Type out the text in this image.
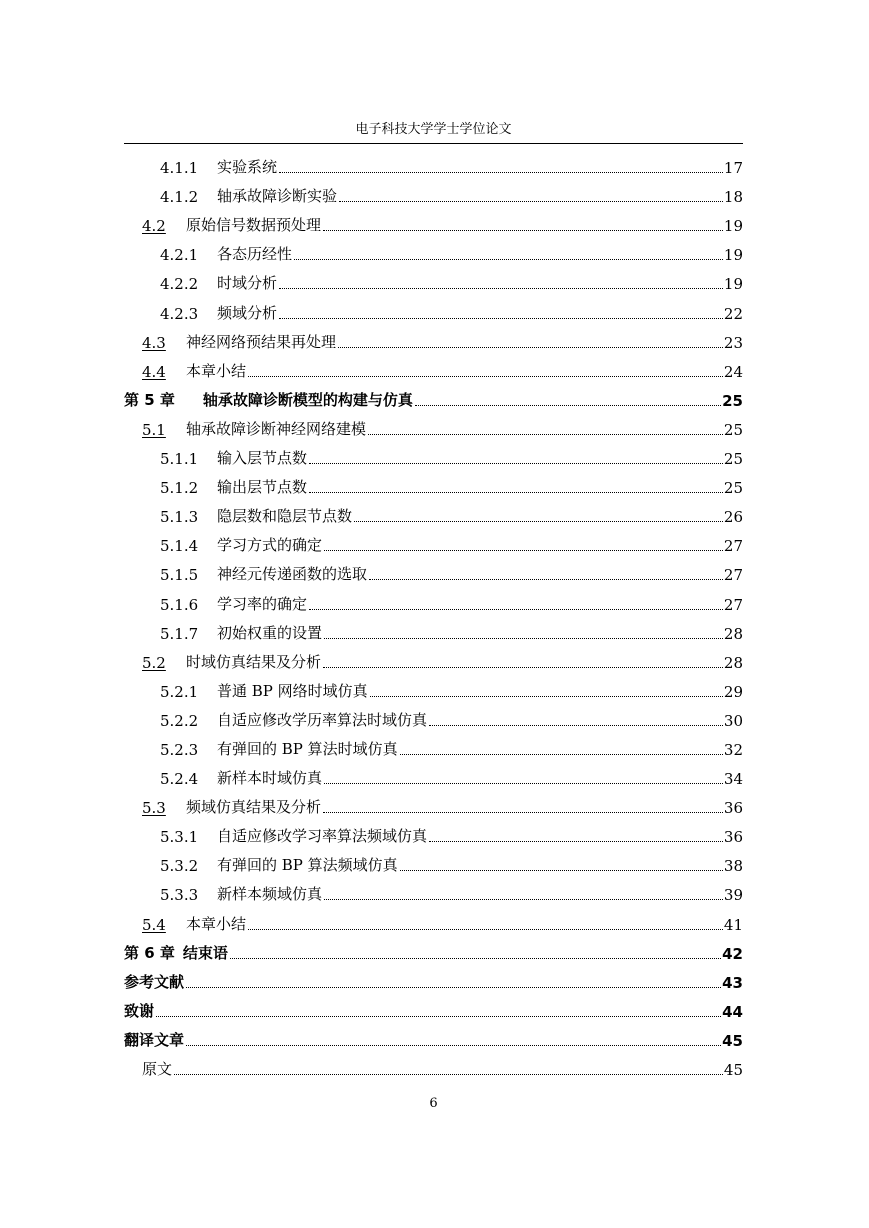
电子科技大学学士学位论文
4.1.1	实验系统	17
4.1.2	轴承故障诊断实验	18
4.2	原始信号数据预处理	19
4.2.1	各态历经性	19
4.2.2	时域分析	19
4.2.3	频域分析	22
4.3	神经网络预结果再处理	23
4.4	本章小结	24
第 5 章 轴承故障诊断模型的构建与仿真	25
5.1	轴承故障诊断神经网络建模	25
5.1.1	输入层节点数	25
5.1.2	输出层节点数	25
5.1.3	隐层数和隐层节点数	26
5.1.4	学习方式的确定	27
5.1.5	神经元传递函数的选取	27
5.1.6	学习率的确定	27
5.1.7	初始权重的设置	28
5.2	时域仿真结果及分析	28
5.2.1	普通 BP 网络时域仿真	29
5.2.2	自适应修改学历率算法时域仿真	30
5.2.3	有弹回的 BP 算法时域仿真	32
5.2.4	新样本时域仿真	34
5.3	频域仿真结果及分析	36
5.3.1	自适应修改学习率算法频域仿真	36
5.3.2	有弹回的 BP 算法频域仿真	38
5.3.3	新样本频域仿真	39
5.4	本章小结	41
第 6 章 结束语	42
参考文献	43
致谢	44
翻译文章	45
原文	45
6
